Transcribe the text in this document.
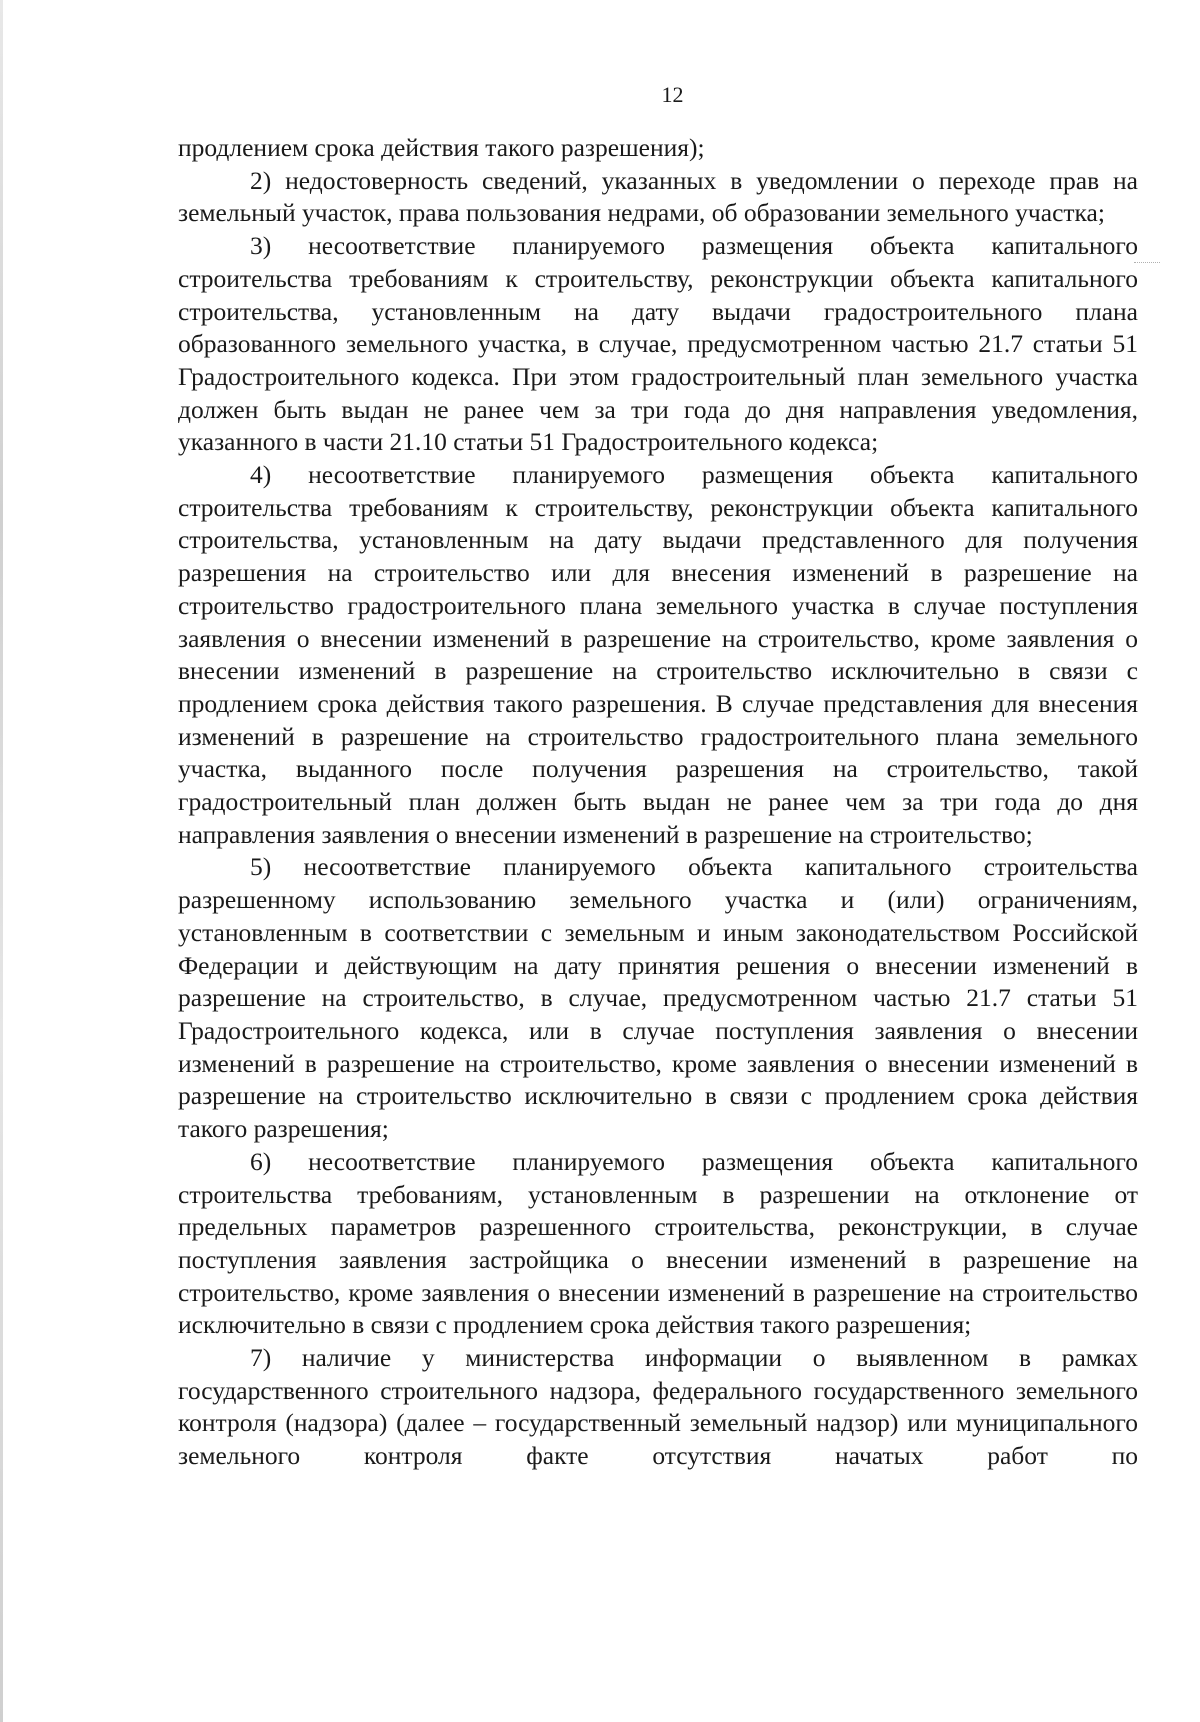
12

продлением срока действия такого разрешения);

2) недостоверность сведений, указанных в уведомлении о переходе прав на земельный участок, права пользования недрами, об образовании земельного участка;

3) несоответствие планируемого размещения объекта капитального строительства требованиям к строительству, реконструкции объекта капитального строительства, установленным на дату выдачи градостроительного плана образованного земельного участка, в случае, предусмотренном частью 21.7 статьи 51 Градостроительного кодекса. При этом градостроительный план земельного участка должен быть выдан не ранее чем за три года до дня направления уведомления, указанного в части 21.10 статьи 51 Градостроительного кодекса;

4) несоответствие планируемого размещения объекта капитального строительства требованиям к строительству, реконструкции объекта капитального строительства, установленным на дату выдачи представленного для получения разрешения на строительство или для внесения изменений в разрешение на строительство градостроительного плана земельного участка в случае поступления заявления о внесении изменений в разрешение на строительство, кроме заявления о внесении изменений в разрешение на строительство исключительно в связи с продлением срока действия такого разрешения. В случае представления для внесения изменений в разрешение на строительство градостроительного плана земельного участка, выданного после получения разрешения на строительство, такой градостроительный план должен быть выдан не ранее чем за три года до дня направления заявления о внесении изменений в разрешение на строительство;

5) несоответствие планируемого объекта капитального строительства разрешенному использованию земельного участка и (или) ограничениям, установленным в соответствии с земельным и иным законодательством Российской Федерации и действующим на дату принятия решения о внесении изменений в разрешение на строительство, в случае, предусмотренном частью 21.7 статьи 51 Градостроительного кодекса, или в случае поступления заявления о внесении изменений в разрешение на строительство, кроме заявления о внесении изменений в разрешение на строительство исключительно в связи с продлением срока действия такого разрешения;

6) несоответствие планируемого размещения объекта капитального строительства требованиям, установленным в разрешении на отклонение от предельных параметров разрешенного строительства, реконструкции, в случае поступления заявления застройщика о внесении изменений в разрешение на строительство, кроме заявления о внесении изменений в разрешение на строительство исключительно в связи с продлением срока действия такого разрешения;

7) наличие у министерства информации о выявленном в рамках государственного строительного надзора, федерального государственного земельного контроля (надзора) (далее – государственный земельный надзор) или муниципального земельного контроля факте отсутствия начатых работ по
